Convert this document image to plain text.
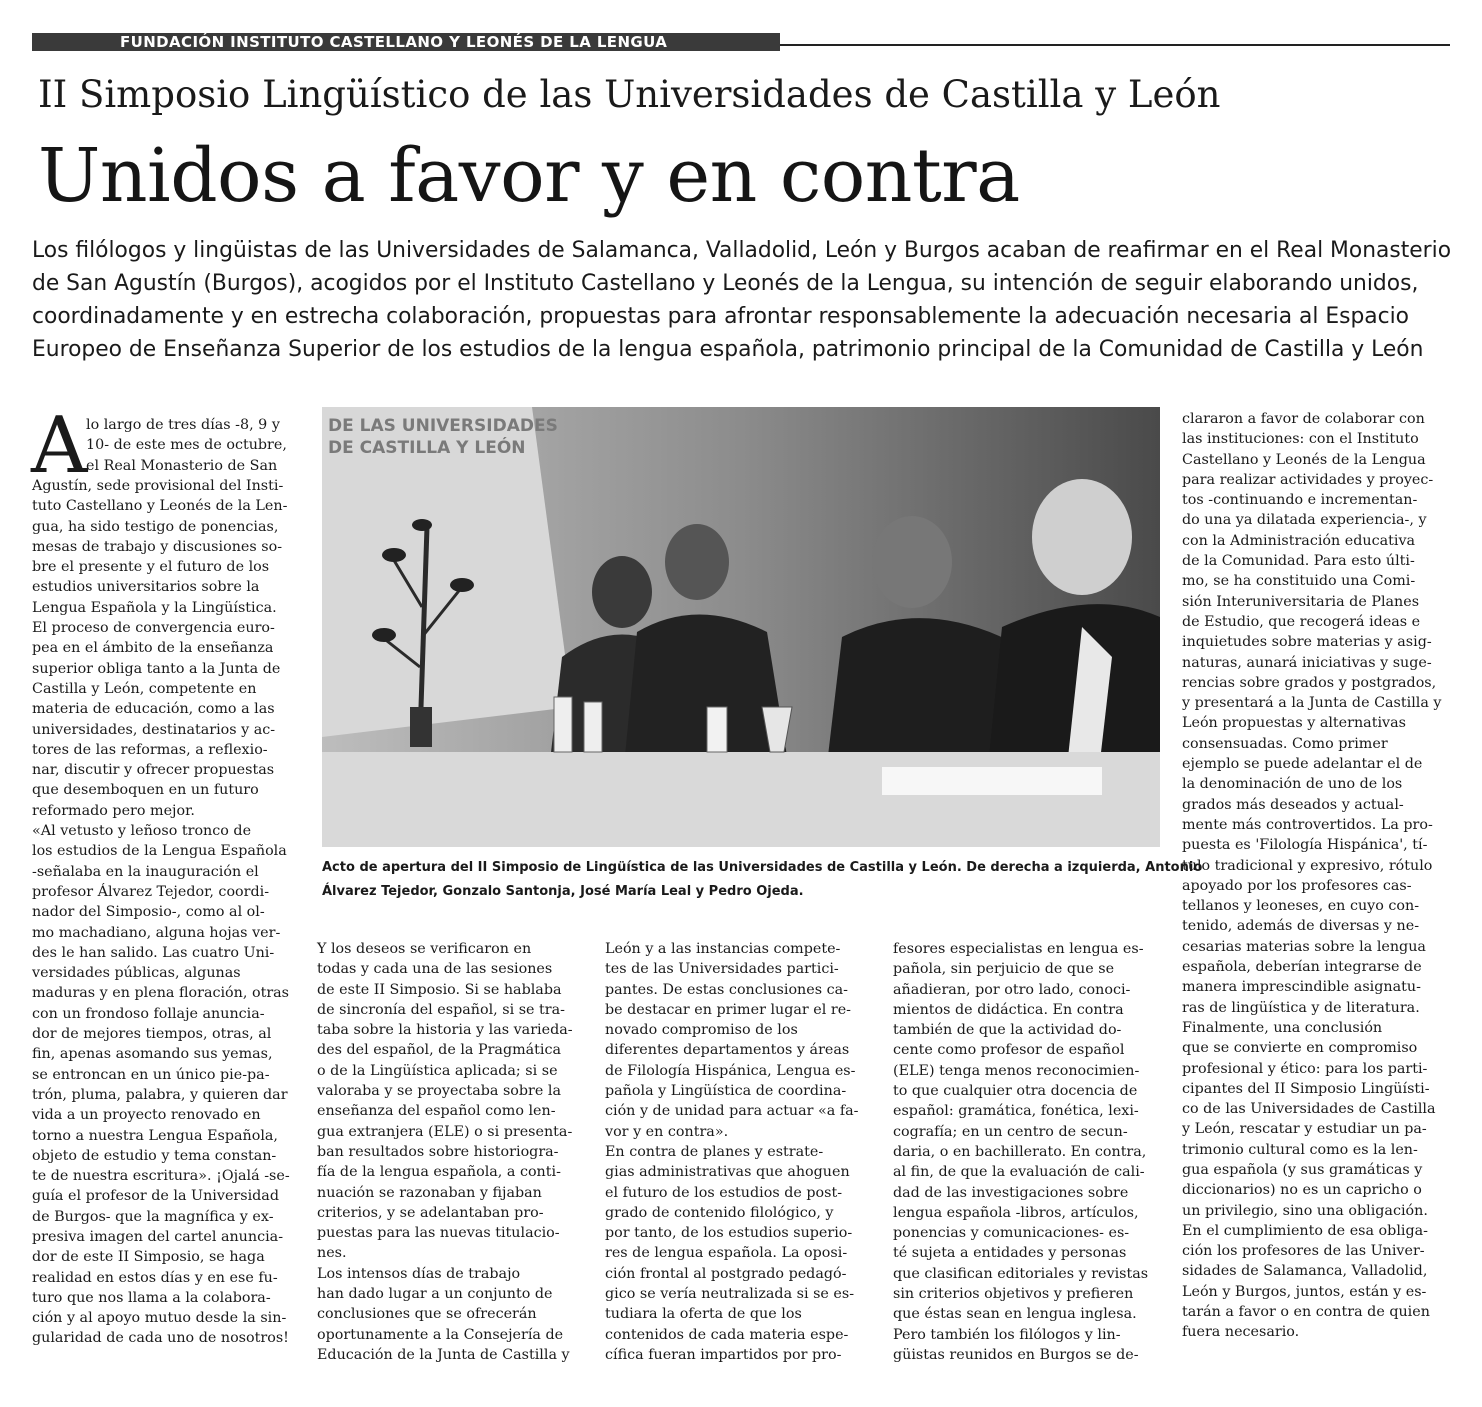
FUNDACIÓN INSTITUTO CASTELLANO Y LEONÉS DE LA LENGUA
II Simposio Lingüístico de las Universidades de Castilla y León
Unidos a favor y en contra
Los filólogos y lingüistas de las Universidades de Salamanca, Valladolid, León y Burgos acaban de reafirmar en el Real Monasterio
de San Agustín (Burgos), acogidos por el Instituto Castellano y Leonés de la Lengua, su intención de seguir elaborando unidos,
coordinadamente y en estrecha colaboración, propuestas para afrontar responsablemente la adecuación necesaria al Espacio
Europeo de Enseñanza Superior de los estudios de la lengua española, patrimonio principal de la Comunidad de Castilla y León
A
lo largo de tres días -8, 9 y
10- de este mes de octubre,
el Real Monasterio de San
Agustín, sede provisional del Insti-
tuto Castellano y Leonés de la Len-
gua, ha sido testigo de ponencias,
mesas de trabajo y discusiones so-
bre el presente y el futuro de los
estudios universitarios sobre la
Lengua Española y la Lingüística.
El proceso de convergencia euro-
pea en el ámbito de la enseñanza
superior obliga tanto a la Junta de
Castilla y León, competente en
materia de educación, como a las
universidades, destinatarios y ac-
tores de las reformas, a reflexio-
nar, discutir y ofrecer propuestas
que desemboquen en un futuro
reformado pero mejor.
«Al vetusto y leñoso tronco de
los estudios de la Lengua Española
-señalaba en la inauguración el
profesor Álvarez Tejedor, coordi-
nador del Simposio-, como al ol-
mo machadiano, alguna hojas ver-
des le han salido. Las cuatro Uni-
versidades públicas, algunas
maduras y en plena floración, otras
con un frondoso follaje anuncia-
dor de mejores tiempos, otras, al
fin, apenas asomando sus yemas,
se entroncan en un único pie-pa-
trón, pluma, palabra, y quieren dar
vida a un proyecto renovado en
torno a nuestra Lengua Española,
objeto de estudio y tema constan-
te de nuestra escritura». ¡Ojalá -se-
guía el profesor de la Universidad
de Burgos- que la magnífica y ex-
presiva imagen del cartel anuncia-
dor de este II Simposio, se haga
realidad en estos días y en ese fu-
turo que nos llama a la colabora-
ción y al apoyo mutuo desde la sin-
gularidad de cada uno de nosotros!
DE LAS UNIVERSIDADES
DE CASTILLA Y LEÓN
Acto de apertura del II Simposio de Lingüística de las Universidades de Castilla y León. De derecha a izquierda, Antonio
Álvarez Tejedor, Gonzalo Santonja, José María Leal y Pedro Ojeda.
Y los deseos se verificaron en
todas y cada una de las sesiones
de este II Simposio. Si se hablaba
de sincronía del español, si se tra-
taba sobre la historia y las varieda-
des del español, de la Pragmática
o de la Lingüística aplicada; si se
valoraba y se proyectaba sobre la
enseñanza del español como len-
gua extranjera (ELE) o si presenta-
ban resultados sobre historiogra-
fía de la lengua española, a conti-
nuación se razonaban y fijaban
criterios, y se adelantaban pro-
puestas para las nuevas titulacio-
nes.
Los intensos días de trabajo
han dado lugar a un conjunto de
conclusiones que se ofrecerán
oportunamente a la Consejería de
Educación de la Junta de Castilla y
León y a las instancias compete-
tes de las Universidades partici-
pantes. De estas conclusiones ca-
be destacar en primer lugar el re-
novado compromiso de los
diferentes departamentos y áreas
de Filología Hispánica, Lengua es-
pañola y Lingüística de coordina-
ción y de unidad para actuar «a fa-
vor y en contra».
En contra de planes y estrate-
gias administrativas que ahoguen
el futuro de los estudios de post-
grado de contenido filológico, y
por tanto, de los estudios superio-
res de lengua española. La oposi-
ción frontal al postgrado pedagó-
gico se vería neutralizada si se es-
tudiara la oferta de que los
contenidos de cada materia espe-
cífica fueran impartidos por pro-
fesores especialistas en lengua es-
pañola, sin perjuicio de que se
añadieran, por otro lado, conoci-
mientos de didáctica. En contra
también de que la actividad do-
cente como profesor de español
(ELE) tenga menos reconocimien-
to que cualquier otra docencia de
español: gramática, fonética, lexi-
cografía; en un centro de secun-
daria, o en bachillerato. En contra,
al fin, de que la evaluación de cali-
dad de las investigaciones sobre
lengua española -libros, artículos,
ponencias y comunicaciones- es-
té sujeta a entidades y personas
que clasifican editoriales y revistas
sin criterios objetivos y prefieren
que éstas sean en lengua inglesa.
Pero también los filólogos y lin-
güistas reunidos en Burgos se de-
clararon a favor de colaborar con
las instituciones: con el Instituto
Castellano y Leonés de la Lengua
para realizar actividades y proyec-
tos -continuando e incrementan-
do una ya dilatada experiencia-, y
con la Administración educativa
de la Comunidad. Para esto últi-
mo, se ha constituido una Comi-
sión Interuniversitaria de Planes
de Estudio, que recogerá ideas e
inquietudes sobre materias y asig-
naturas, aunará iniciativas y suge-
rencias sobre grados y postgrados,
y presentará a la Junta de Castilla y
León propuestas y alternativas
consensuadas. Como primer
ejemplo se puede adelantar el de
la denominación de uno de los
grados más deseados y actual-
mente más controvertidos. La pro-
puesta es 'Filología Hispánica', tí-
tulo tradicional y expresivo, rótulo
apoyado por los profesores cas-
tellanos y leoneses, en cuyo con-
tenido, además de diversas y ne-
cesarias materias sobre la lengua
española, deberían integrarse de
manera imprescindible asignatu-
ras de lingüística y de literatura.
Finalmente, una conclusión
que se convierte en compromiso
profesional y ético: para los parti-
cipantes del II Simposio Lingüísti-
co de las Universidades de Castilla
y León, rescatar y estudiar un pa-
trimonio cultural como es la len-
gua española (y sus gramáticas y
diccionarios) no es un capricho o
un privilegio, sino una obligación.
En el cumplimiento de esa obliga-
ción los profesores de las Univer-
sidades de Salamanca, Valladolid,
León y Burgos, juntos, están y es-
tarán a favor o en contra de quien
fuera necesario.
